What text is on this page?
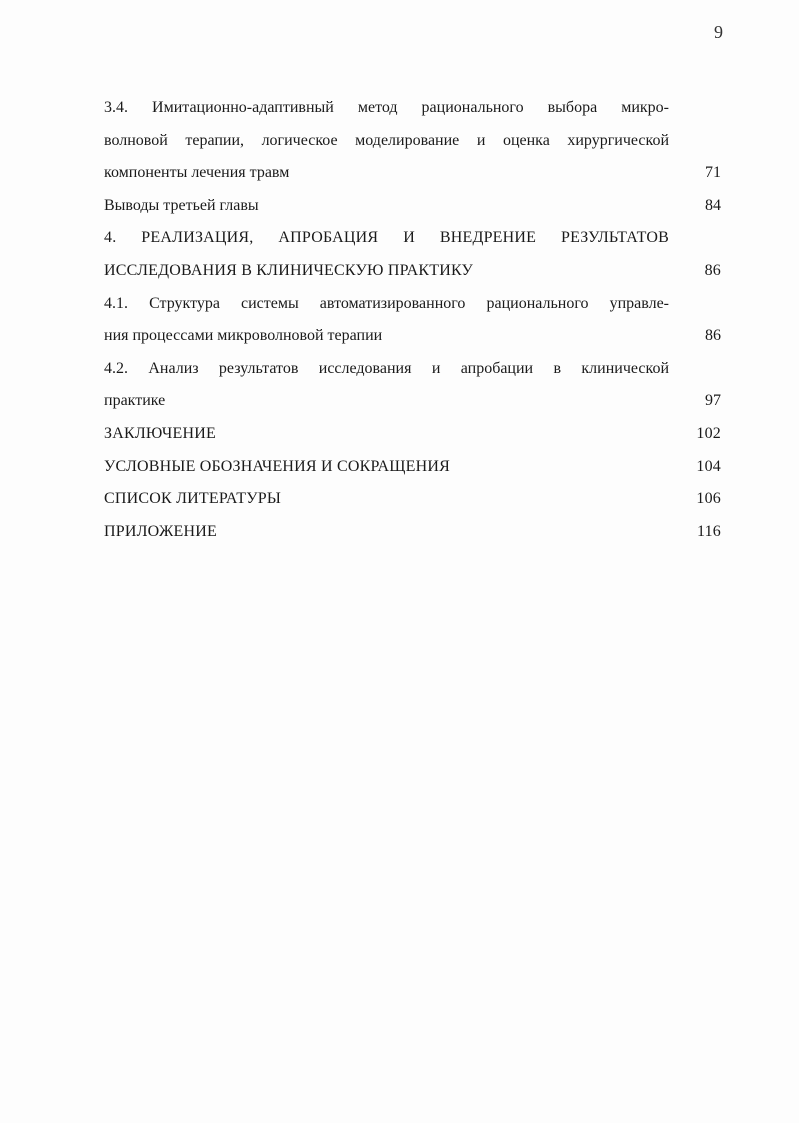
9
3.4. Имитационно-адаптивный метод рационального выбора микро-
волновой терапии, логическое моделирование и оценка хирургической
компоненты лечения травм	71
Выводы третьей главы	84
4. РЕАЛИЗАЦИЯ, АПРОБАЦИЯ И ВНЕДРЕНИЕ РЕЗУЛЬТАТОВ
ИССЛЕДОВАНИЯ В КЛИНИЧЕСКУЮ ПРАКТИКУ	86
4.1. Структура системы автоматизированного рационального управле-
ния процессами микроволновой терапии	86
4.2. Анализ результатов исследования и апробации в клинической
практике	97
ЗАКЛЮЧЕНИЕ	102
УСЛОВНЫЕ ОБОЗНАЧЕНИЯ И СОКРАЩЕНИЯ	104
СПИСОК ЛИТЕРАТУРЫ	106
ПРИЛОЖЕНИЕ	116
